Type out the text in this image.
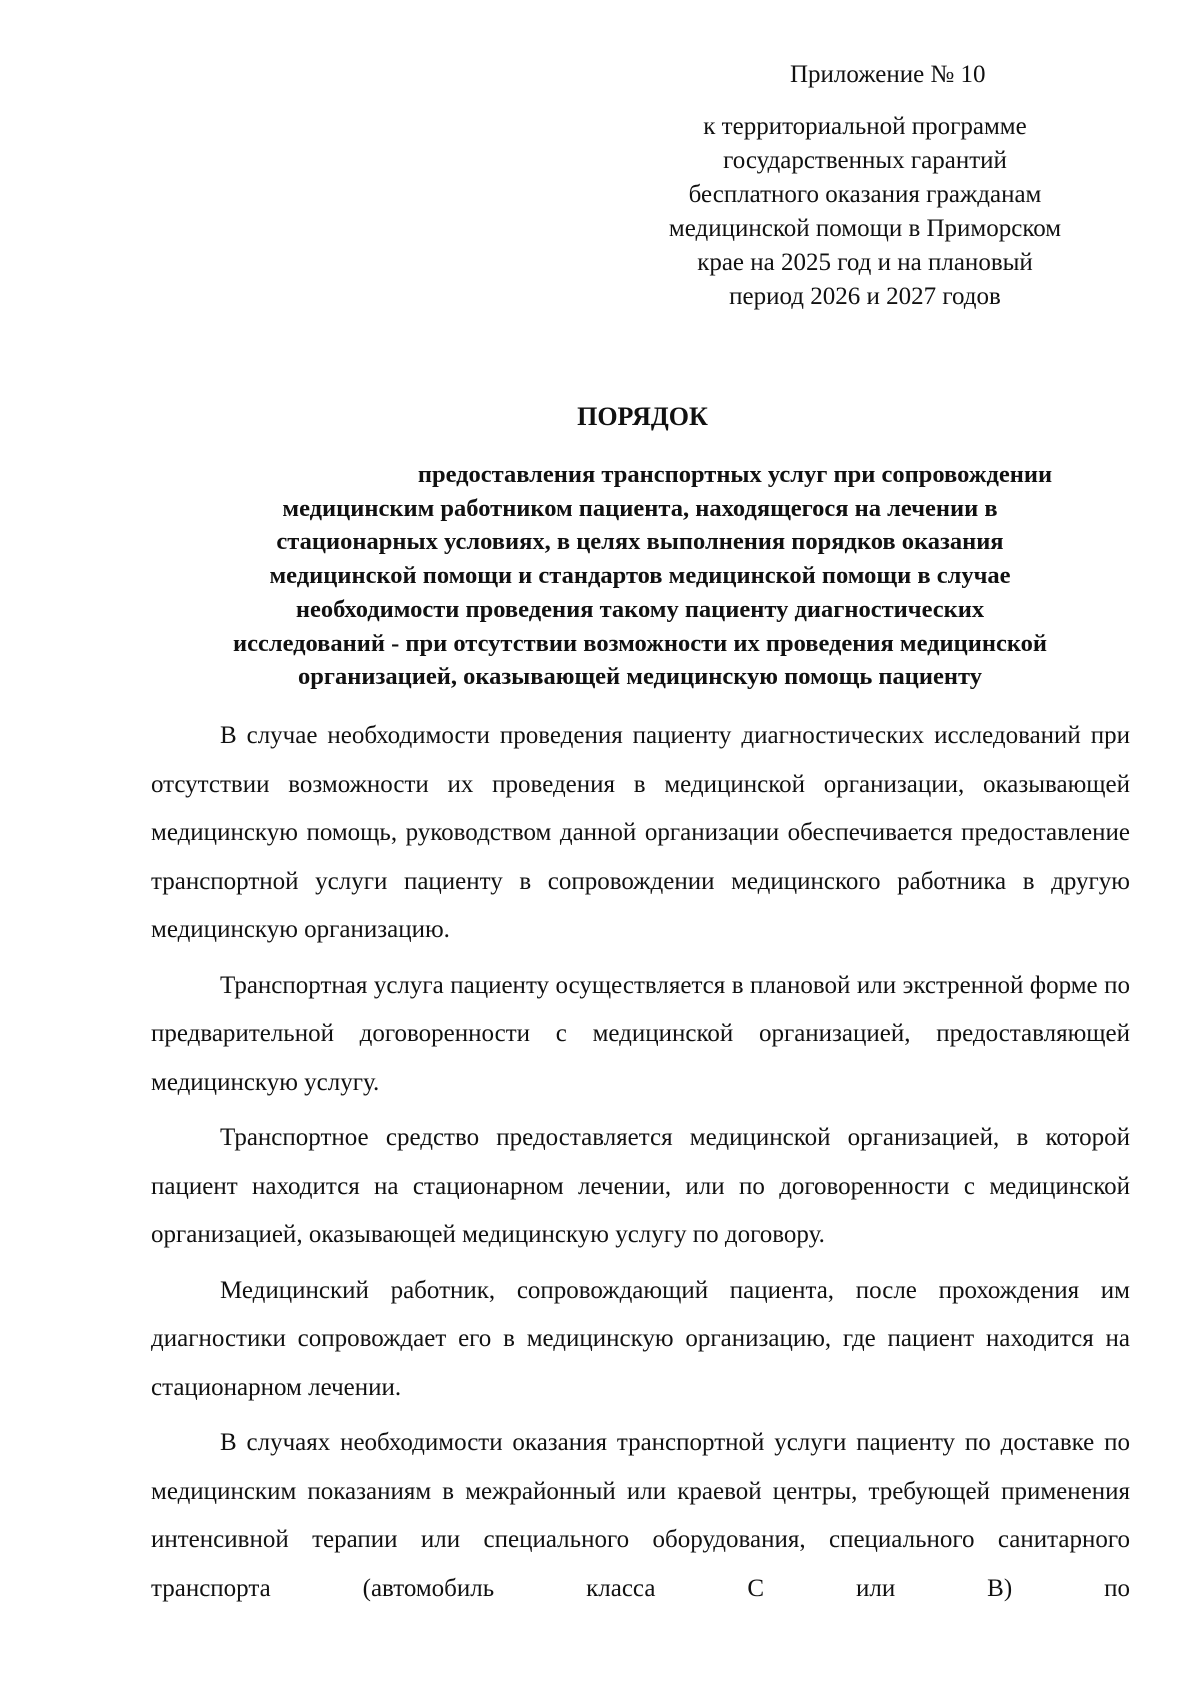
Приложение № 10
к территориальной программе
государственных гарантий
бесплатного оказания гражданам
медицинской помощи в Приморском
крае на 2025 год и на плановый
период 2026 и 2027 годов
ПОРЯДОК
предоставления транспортных услуг при сопровождении
медицинским работником пациента, находящегося на лечении в
стационарных условиях, в целях выполнения порядков оказания
медицинской помощи и стандартов медицинской помощи в случае
необходимости проведения такому пациенту диагностических
исследований - при отсутствии возможности их проведения медицинской
организацией, оказывающей медицинскую помощь пациенту

В случае необходимости проведения пациенту диагностических исследований при отсутствии возможности их проведения в медицинской организации, оказывающей медицинскую помощь, руководством данной организации обеспечивается предоставление транспортной услуги пациенту в сопровождении медицинского работника в другую медицинскую организацию.

Транспортная услуга пациенту осуществляется в плановой или экстренной форме по предварительной договоренности с медицинской организацией, предоставляющей медицинскую услугу.

Транспортное средство предоставляется медицинской организацией, в которой пациент находится на стационарном лечении, или по договоренности с медицинской организацией, оказывающей медицинскую услугу по договору.

Медицинский работник, сопровождающий пациента, после прохождения им диагностики сопровождает его в медицинскую организацию, где пациент находится на стационарном лечении.

В случаях необходимости оказания транспортной услуги пациенту по доставке по медицинским показаниям в межрайонный или краевой центры, требующей применения интенсивной терапии или специального оборудования, специального санитарного транспорта (автомобиль класса С или В) по
